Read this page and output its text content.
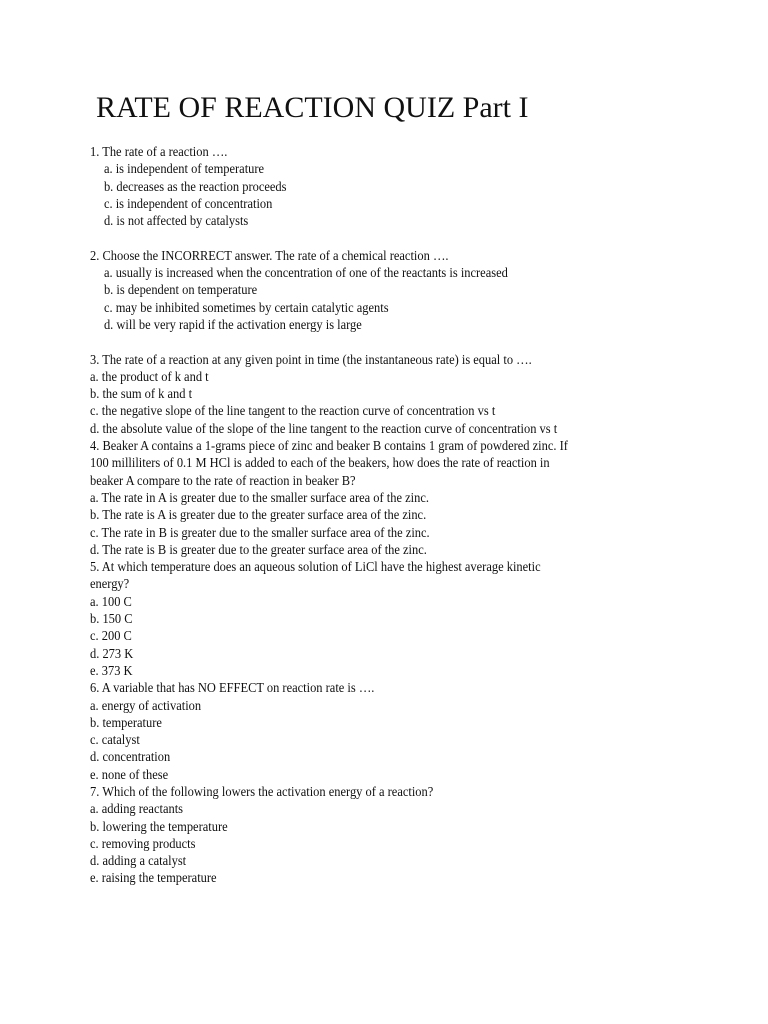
RATE OF REACTION QUIZ Part I
1. The rate of a reaction ….
a. is independent of temperature
b. decreases as the reaction proceeds
c. is independent of concentration
d. is not affected by catalysts
2. Choose the INCORRECT answer. The rate of a chemical reaction ….
a. usually is increased when the concentration of one of the reactants is increased
b. is dependent on temperature
c. may be inhibited sometimes by certain catalytic agents
d. will be very rapid if the activation energy is large
3. The rate of a reaction at any given point in time (the instantaneous rate) is equal to ….
a. the product of k and t
b. the sum of k and t
c. the negative slope of the line tangent to the reaction curve of concentration vs t
d. the absolute value of the slope of the line tangent to the reaction curve of concentration vs t
4. Beaker A contains a 1-grams piece of zinc and beaker B contains 1 gram of powdered zinc. If
100 milliliters of 0.1 M HCl is added to each of the beakers, how does the rate of reaction in
beaker A compare to the rate of reaction in beaker B?
a. The rate in A is greater due to the smaller surface area of the zinc.
b. The rate is A is greater due to the greater surface area of the zinc.
c. The rate in B is greater due to the smaller surface area of the zinc.
d. The rate is B is greater due to the greater surface area of the zinc.
5. At which temperature does an aqueous solution of LiCl have the highest average kinetic
energy?
a. 100 C
b. 150 C
c. 200 C
d. 273 K
e. 373 K
6. A variable that has NO EFFECT on reaction rate is ….
a. energy of activation
b. temperature
c. catalyst
d. concentration
e. none of these
7. Which of the following lowers the activation energy of a reaction?
a. adding reactants
b. lowering the temperature
c. removing products
d. adding a catalyst
e. raising the temperature
